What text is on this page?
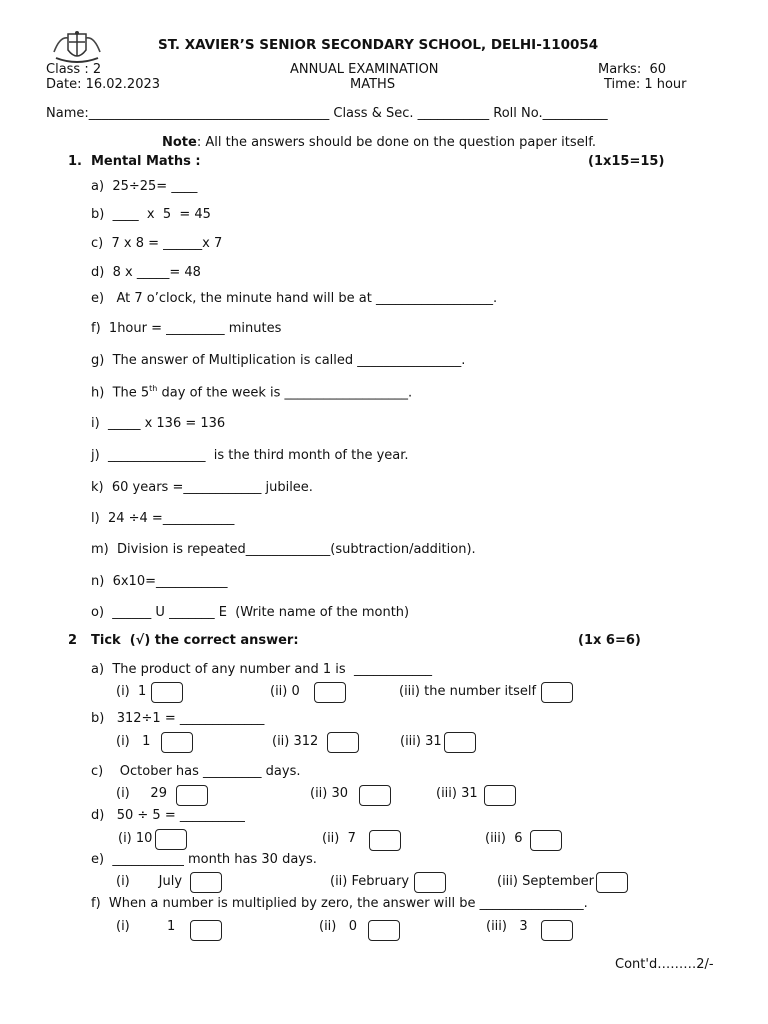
ST. XAVIER’S SENIOR SECONDARY SCHOOL, DELHI-110054
Class : 2
Date: 16.02.2023
ANNUAL EXAMINATION
MATHS
Marks:  60
Time: 1 hour
Name:_____________________________________ Class & Sec. ___________ Roll No.__________
Note: All the answers should be done on the question paper itself.
1. Mental Maths :	(1x15=15)
a) 25÷25= ____
b) ____  x  5  = 45
c) 7 x 8 = ______x 7
d) 8 x _____= 48
e)   At 7 o’clock, the minute hand will be at __________________.
f) 1hour = _________ minutes
g) The answer of Multiplication is called ________________.
h) The 5th day of the week is ___________________.
i) _____ x 136 = 136
j) _______________  is the third month of the year.
k) 60 years =____________ jubilee.
l) 24 ÷4 =___________
m) Division is repeated_____________(subtraction/addition).
n) 6x10=___________
o) ______ U _______ E  (Write name of the month)
2 Tick  (√) the correct answer:	(1x 6=6)
a) The product of any number and 1 is  ____________
(i)  1	(ii) 0	(iii) the number itself
b)   312÷1 = _____________
(i)   1	(ii) 312	(iii) 31
c)    October has _________ days.
(i)     29	(ii) 30	(iii) 31
d)   50 ÷ 5 = __________
(i) 10	(ii)  7	(iii)  6
e) ___________ month has 30 days.
(i)       July	(ii) February	(iii) September
f) When a number is multiplied by zero, the answer will be ________________.
(i)         1	(ii)   0	(iii)   3
Cont'd………2/-
